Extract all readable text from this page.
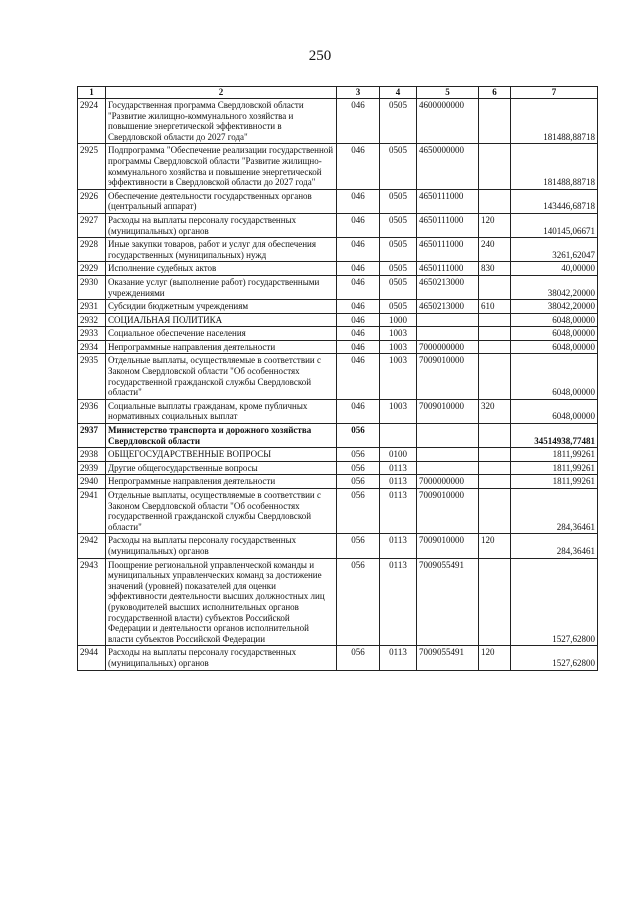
250
1	2	3	4	5	6	7
2924	Государственная программа Свердловской области "Развитие жилищно-коммунального хозяйства и повышение энергетической эффективности в Свердловской области до 2027 года"	046	0505	4600000000		181488,88718
2925	Подпрограмма "Обеспечение реализации государственной программы Свердловской области "Развитие жилищно-коммунального хозяйства и повышение энергетической эффективности в Свердловской области до 2027 года"	046	0505	4650000000		181488,88718
2926	Обеспечение деятельности государственных органов (центральный аппарат)	046	0505	4650111000		143446,68718
2927	Расходы на выплаты персоналу государственных (муниципальных) органов	046	0505	4650111000	120	140145,06671
2928	Иные закупки товаров, работ и услуг для обеспечения государственных (муниципальных) нужд	046	0505	4650111000	240	3261,62047
2929	Исполнение судебных актов	046	0505	4650111000	830	40,00000
2930	Оказание услуг (выполнение работ) государственными учреждениями	046	0505	4650213000		38042,20000
2931	Субсидии бюджетным учреждениям	046	0505	4650213000	610	38042,20000
2932	СОЦИАЛЬНАЯ ПОЛИТИКА	046	1000			6048,00000
2933	Социальное обеспечение населения	046	1003			6048,00000
2934	Непрограммные направления деятельности	046	1003	7000000000		6048,00000
2935	Отдельные выплаты, осуществляемые в соответствии с Законом Свердловской области "Об особенностях государственной гражданской службы Свердловской области"	046	1003	7009010000		6048,00000
2936	Социальные выплаты гражданам, кроме публичных нормативных социальных выплат	046	1003	7009010000	320	6048,00000
2937	Министерство транспорта и дорожного хозяйства Свердловской области	056				34514938,77481
2938	ОБЩЕГОСУДАРСТВЕННЫЕ ВОПРОСЫ	056	0100			1811,99261
2939	Другие общегосударственные вопросы	056	0113			1811,99261
2940	Непрограммные направления деятельности	056	0113	7000000000		1811,99261
2941	Отдельные выплаты, осуществляемые в соответствии с Законом Свердловской области "Об особенностях государственной гражданской службы Свердловской области"	056	0113	7009010000		284,36461
2942	Расходы на выплаты персоналу государственных (муниципальных) органов	056	0113	7009010000	120	284,36461
2943	Поощрение региональной управленческой команды и муниципальных управленческих команд за достижение значений (уровней) показателей для оценки эффективности деятельности высших должностных лиц (руководителей высших исполнительных органов государственной власти) субъектов Российской Федерации и деятельности органов исполнительной власти субъектов Российской Федерации	056	0113	7009055491		1527,62800
2944	Расходы на выплаты персоналу государственных (муниципальных) органов	056	0113	7009055491	120	1527,62800
